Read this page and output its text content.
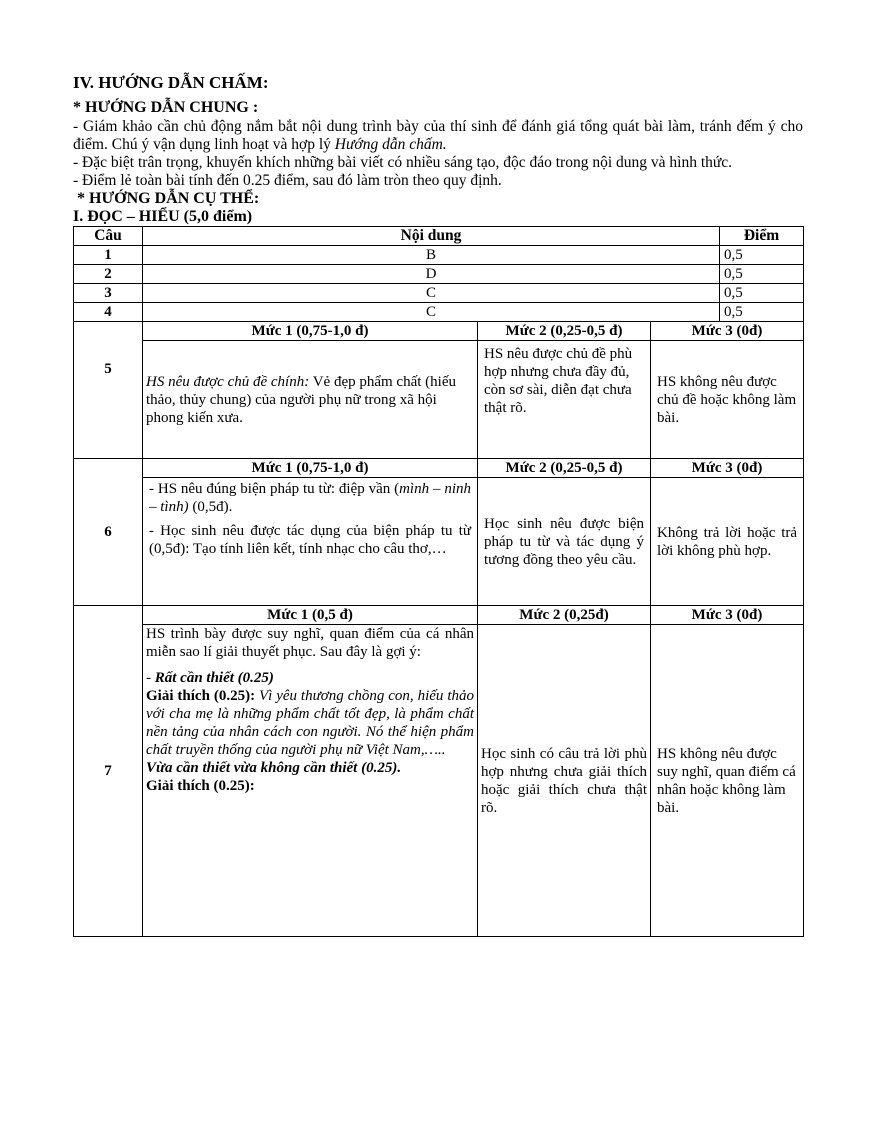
IV. HƯỚNG DẪN CHẤM:

* HƯỚNG DẪN CHUNG :

- Giám khảo cần chủ động nắm bắt nội dung trình bày của thí sinh để đánh giá tổng quát bài làm, tránh đếm ý cho điểm. Chú ý vận dụng linh hoạt và hợp lý Hướng dẫn chấm.

- Đặc biệt trân trọng, khuyến khích những bài viết có nhiều sáng tạo, độc đáo trong nội dung và hình thức.

- Điểm lẻ toàn bài tính đến 0.25 điểm, sau đó làm tròn theo quy định.

* HƯỚNG DẪN CỤ THỂ:

I. ĐỌC – HIỂU (5,0 điểm)

Câu	Nội dung			Điểm
1	B			0,5
2	D			0,5
3	C			0,5
4	C			0,5
5	Mức 1 (0,75-1,0 đ)	Mức 2 (0,25-0,5 đ)	Mức 3 (0đ)	
	HS nêu được chủ đề chính: Vẻ đẹp phẩm chất (hiếu thảo, thủy chung) của người phụ nữ trong xã hội phong kiến xưa.	HS nêu được chủ đề phù hợp nhưng chưa đầy đủ, còn sơ sài, diễn đạt chưa thật rõ.	HS không nêu được chủ đề hoặc không làm bài.	
6	Mức 1 (0,75-1,0 đ)	Mức 2 (0,25-0,5 đ)	Mức 3 (0đ)	

	- HS nêu đúng biện pháp tu từ: điệp vần (mình – ninh – tình) (0,5đ).
- Học sinh nêu được tác dụng của biện pháp tu từ (0,5đ): Tạo tính liên kết, tính nhạc cho câu thơ,…	Học sinh nêu được biện pháp tu từ và tác dụng ý tương đồng theo yêu cầu.	Không trả lời hoặc trả lời không phù hợp.	
7	Mức 1 (0,5 đ)	Mức 2 (0,25đ)	Mức 3 (0đ)	

	HS trình bày được suy nghĩ, quan điểm của cá nhân miễn sao lí giải thuyết phục. Sau đây là gợi ý:
- Rất cần thiết (0.25)
Giải thích (0.25): Vì yêu thương chồng con, hiếu thảo với cha mẹ là những phẩm chất tốt đẹp, là phẩm chất nền tảng của nhân cách con người. Nó thể hiện phẩm chất truyền thống của người phụ nữ Việt Nam,…..
Vừa cần thiết vừa không cần thiết (0.25).
Giải thích (0.25):	Học sinh có câu trả lời phù hợp nhưng chưa giải thích hoặc giải thích chưa thật rõ.	HS không nêu được suy nghĩ, quan điểm cá nhân hoặc không làm bài.	
